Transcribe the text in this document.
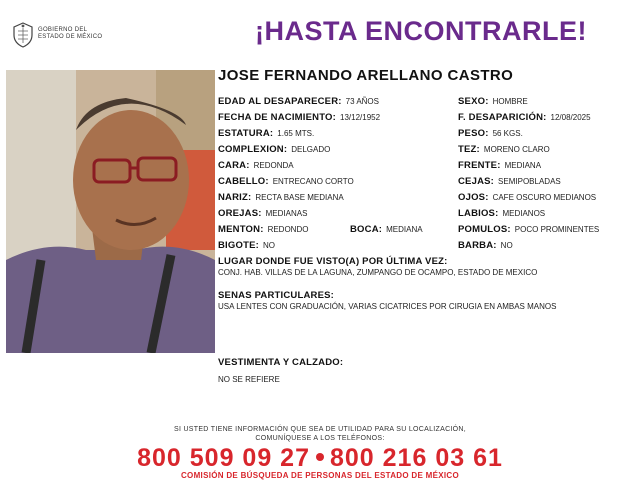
GOBIERNO DEL
ESTADO DE MÉXICO	¡HASTA ENCONTRARLE!
JOSE FERNANDO ARELLANO CASTRO
EDAD AL DESAPARECER: 73 AÑOS
FECHA DE NACIMIENTO: 13/12/1952
ESTATURA: 1.65 MTS.
COMPLEXION: DELGADO
CARA: REDONDA
CABELLO: ENTRECANO CORTO
NARIZ: RECTA BASE MEDIANA
OREJAS: MEDIANAS
MENTON: REDONDO	BOCA: MEDIANA
BIGOTE: NO
SEXO: HOMBRE
F. DESAPARICIÓN: 12/08/2025
PESO: 56 KGS.
TEZ: MORENO CLARO
FRENTE: MEDIANA
CEJAS: SEMIPOBLADAS
OJOS: CAFE OSCURO MEDIANOS
LABIOS: MEDIANOS
POMULOS: POCO PROMINENTES
BARBA: NO
LUGAR DONDE FUE VISTO(A) POR ÚLTIMA VEZ:
CONJ. HAB. VILLAS DE LA LAGUNA, ZUMPANGO DE OCAMPO, ESTADO DE MEXICO
SENAS PARTICULARES:
USA LENTES CON GRADUACIÓN, VARIAS CICATRICES POR CIRUGIA EN AMBAS MANOS
VESTIMENTA Y CALZADO:
NO SE REFIERE
SI USTED TIENE INFORMACIÓN QUE SEA DE UTILIDAD PARA SU LOCALIZACIÓN,
COMUNÍQUESE A LOS TELÉFONOS:
800 509 09 27 800 216 03 61
COMISIÓN DE BÚSQUEDA DE PERSONAS DEL ESTADO DE MÉXICO
